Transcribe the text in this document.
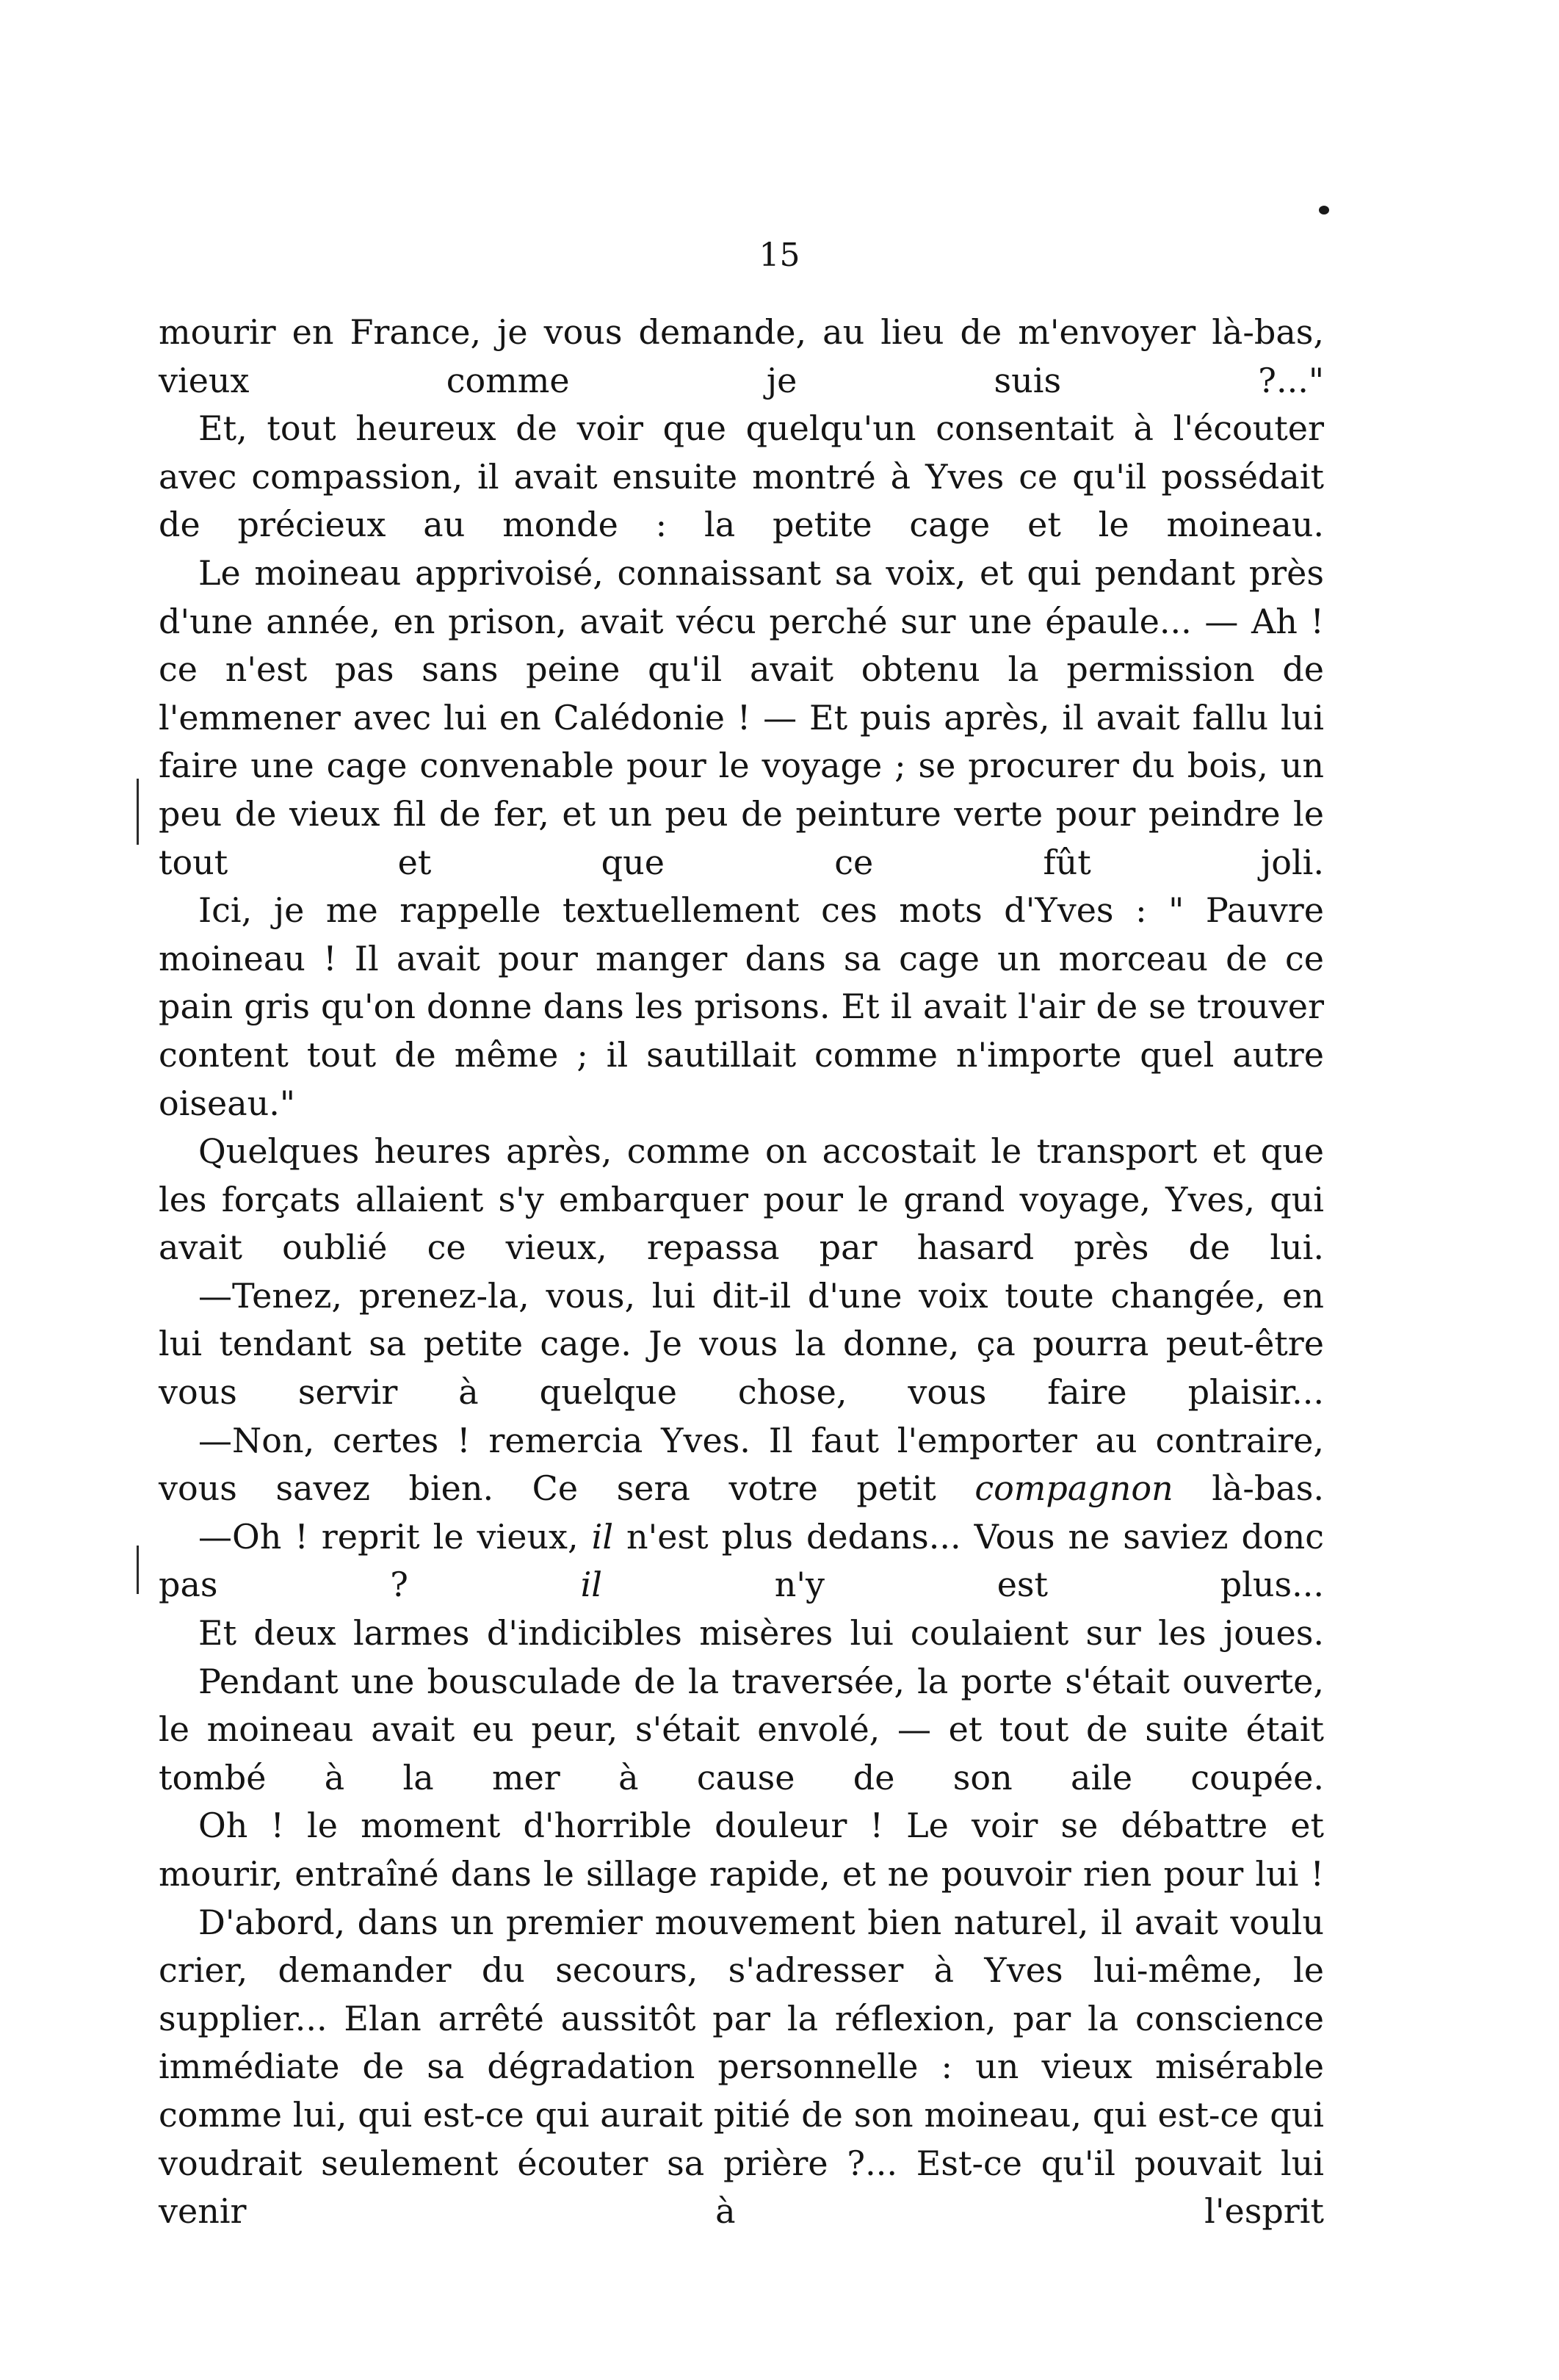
15

mourir en France, je vous demande, au lieu de m'envoyer là-bas, vieux comme je suis ?..."

Et, tout heureux de voir que quelqu'un consentait à l'écouter avec compassion, il avait ensuite montré à Yves ce qu'il possédait de précieux au monde : la petite cage et le moineau.

Le moineau apprivoisé, connaissant sa voix, et qui pendant près d'une année, en prison, avait vécu perché sur une épaule... — Ah ! ce n'est pas sans peine qu'il avait obtenu la permission de l'emmener avec lui en Calédonie ! — Et puis après, il avait fallu lui faire une cage convenable pour le voyage ; se procurer du bois, un peu de vieux fil de fer, et un peu de peinture verte pour peindre le tout et que ce fût joli.

Ici, je me rappelle textuellement ces mots d'Yves : " Pauvre moineau ! Il avait pour manger dans sa cage un morceau de ce pain gris qu'on donne dans les prisons. Et il avait l'air de se trouver content tout de même ; il sautillait comme n'importe quel autre oiseau."

Quelques heures après, comme on accostait le transport et que les forçats allaient s'y embarquer pour le grand voyage, Yves, qui avait oublié ce vieux, repassa par hasard près de lui.

—Tenez, prenez-la, vous, lui dit-il d'une voix toute changée, en lui tendant sa petite cage. Je vous la donne, ça pourra peut-être vous servir à quelque chose, vous faire plaisir...

—Non, certes ! remercia Yves. Il faut l'emporter au contraire, vous savez bien. Ce sera votre petit compagnon là-bas.

—Oh ! reprit le vieux, il n'est plus dedans... Vous ne saviez donc pas ? il n'y est plus...

Et deux larmes d'indicibles misères lui coulaient sur les joues.

Pendant une bousculade de la traversée, la porte s'était ouverte, le moineau avait eu peur, s'était envolé, — et tout de suite était tombé à la mer à cause de son aile coupée.

Oh ! le moment d'horrible douleur ! Le voir se débattre et mourir, entraîné dans le sillage rapide, et ne pouvoir rien pour lui !

D'abord, dans un premier mouvement bien naturel, il avait voulu crier, demander du secours, s'adresser à Yves lui-même, le supplier... Elan arrêté aussitôt par la réflexion, par la conscience immédiate de sa dégradation personnelle : un vieux misérable comme lui, qui est-ce qui aurait pitié de son moineau, qui est-ce qui voudrait seulement écouter sa prière ?... Est-ce qu'il pouvait lui venir à l'esprit
